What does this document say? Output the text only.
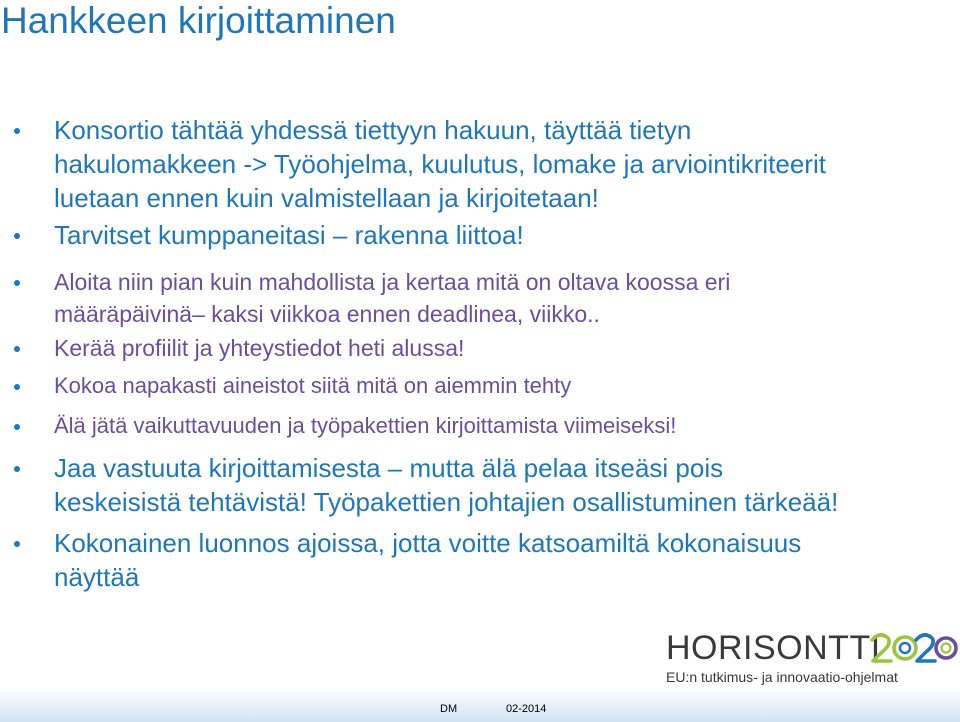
Hankkeen kirjoittaminen
Konsortio tähtää yhdessä tiettyyn hakuun, täyttää tietyn
hakulomakkeen -> Työohjelma, kuulutus, lomake ja arviointikriteerit
luetaan ennen kuin valmistellaan ja kirjoitetaan!
Tarvitset kumppaneitasi – rakenna liittoa!
Aloita niin pian kuin mahdollista ja kertaa mitä on oltava koossa eri
määräpäivinä– kaksi viikkoa ennen deadlinea, viikko..
Kerää profiilit ja yhteystiedot heti alussa!
Kokoa napakasti aineistot siitä mitä on aiemmin tehty
Älä jätä vaikuttavuuden ja työpakettien kirjoittamista viimeiseksi!
Jaa vastuuta kirjoittamisesta – mutta älä pelaa itseäsi pois
keskeisistä tehtävistä! Työpakettien johtajien osallistuminen tärkeää!
Kokonainen luonnos ajoissa, jotta voitte katsoamiltä kokonaisuus
näyttää
HORISONTTI
EU:n tutkimus- ja innovaatio-ohjelmat
DM	02-2014
